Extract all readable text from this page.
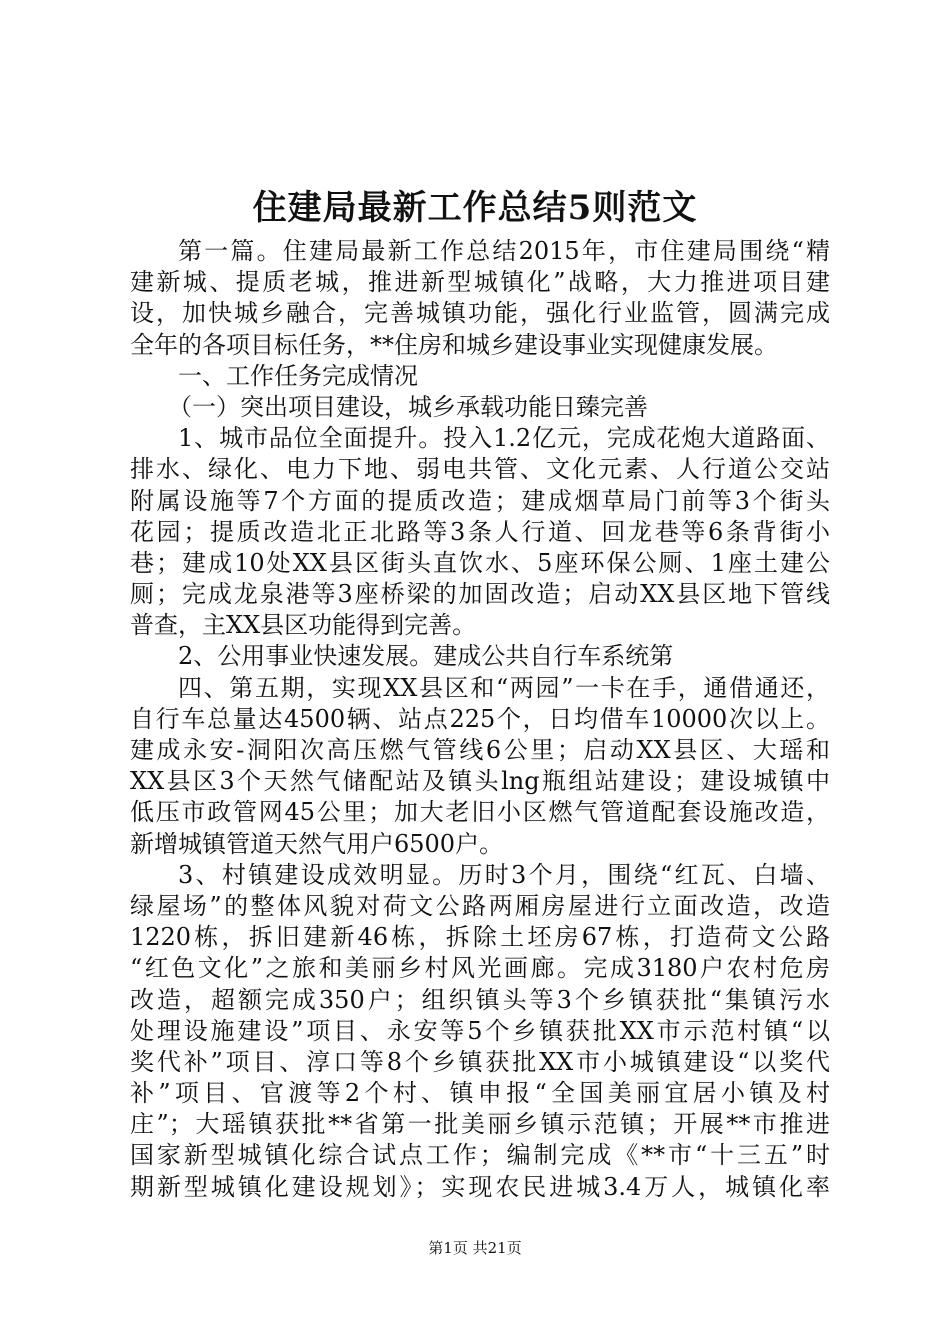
住建局最新工作总结5则范文
第一篇。住建局最新工作总结2015年，市住建局围绕“精
建新城、提质老城，推进新型城镇化”战略，大力推进项目建
设，加快城乡融合，完善城镇功能，强化行业监管，圆满完成
全年的各项目标任务，**住房和城乡建设事业实现健康发展。
一、工作任务完成情况
（一）突出项目建设，城乡承载功能日臻完善
1、城市品位全面提升。投入1.2亿元，完成花炮大道路面、
排水、绿化、电力下地、弱电共管、文化元素、人行道公交站
附属设施等7个方面的提质改造；建成烟草局门前等3个街头
花园；提质改造北正北路等3条人行道、回龙巷等6条背街小
巷；建成10处XX县区街头直饮水、5座环保公厕、1座土建公
厕；完成龙泉港等3座桥梁的加固改造；启动XX县区地下管线
普查，主XX县区功能得到完善。
2、公用事业快速发展。建成公共自行车系统第
四、第五期，实现XX县区和“两园”一卡在手，通借通还，
自行车总量达4500辆、站点225个，日均借车10000次以上。
建成永安-洞阳次高压燃气管线6公里；启动XX县区、大瑶和
XX县区3个天然气储配站及镇头lng瓶组站建设；建设城镇中
低压市政管网45公里；加大老旧小区燃气管道配套设施改造，
新增城镇管道天然气用户6500户。
3、村镇建设成效明显。历时3个月，围绕“红瓦、白墙、
绿屋场”的整体风貌对荷文公路两厢房屋进行立面改造，改造
1220栋，拆旧建新46栋，拆除土坯房67栋，打造荷文公路
“红色文化”之旅和美丽乡村风光画廊。完成3180户农村危房
改造，超额完成350户；组织镇头等3个乡镇获批“集镇污水
处理设施建设”项目、永安等5个乡镇获批XX市示范村镇“以
奖代补”项目、淳口等8个乡镇获批XX市小城镇建设“以奖代
补”项目、官渡等2个村、镇申报“全国美丽宜居小镇及村
庄”；大瑶镇获批**省第一批美丽乡镇示范镇；开展**市推进
国家新型城镇化综合试点工作；编制完成《**市“十三五”时
期新型城镇化建设规划》；实现农民进城3.4万人，城镇化率
第1页 共21页
